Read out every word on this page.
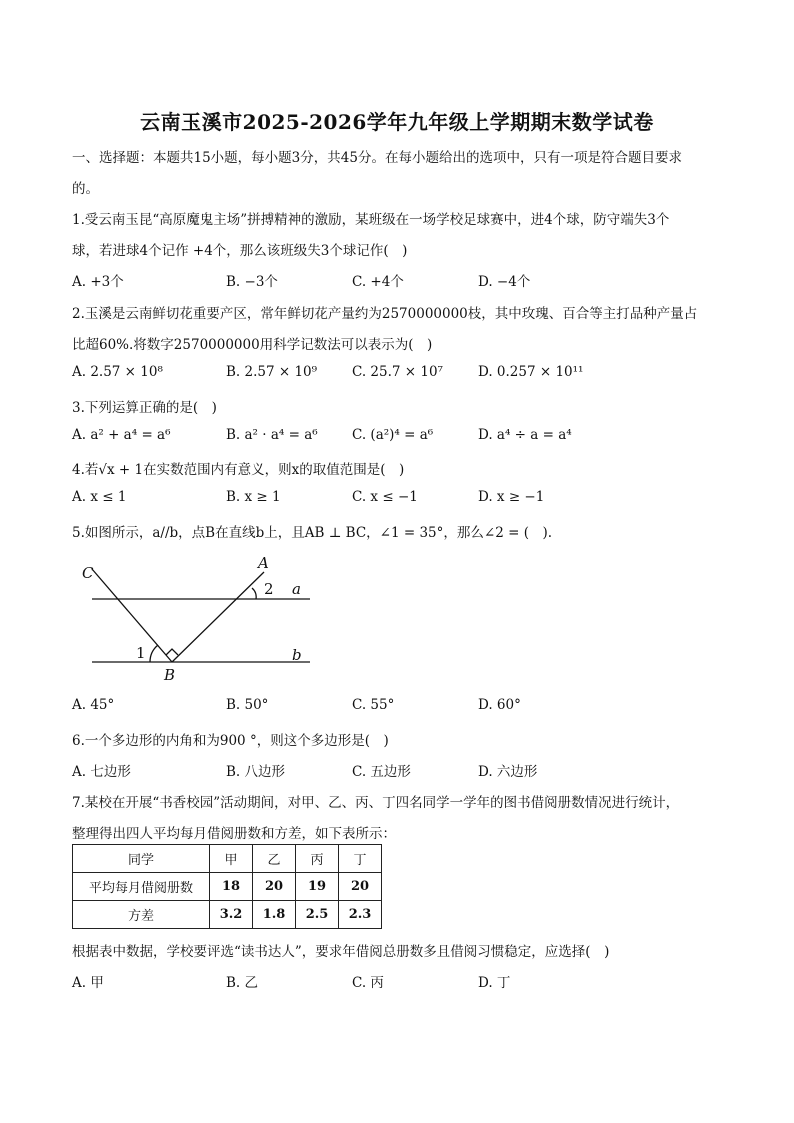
云南玉溪市2025-2026学年九年级上学期期末数学试卷
一、选择题：本题共15小题，每小题3分，共45分。在每小题给出的选项中，只有一项是符合题目要求
的。
1.受云南玉昆“高原魔鬼主场”拼搏精神的激励，某班级在一场学校足球赛中，进4个球，防守端失3个
球，若进球4个记作 +4个，那么该班级失3个球记作(　)
A. +3个	B. −3个	C. +4个	D. −4个
2.玉溪是云南鲜切花重要产区，常年鲜切花产量约为2570000000枝，其中玫瑰、百合等主打品种产量占
比超60%.将数字2570000000用科学记数法可以表示为(　)
A. 2.57 × 10⁸	B. 2.57 × 10⁹	C. 25.7 × 10⁷	D. 0.257 × 10¹¹
3.下列运算正确的是(　)
A. a² + a⁴ = a⁶	B. a² · a⁴ = a⁶	C. (a²)⁴ = a⁶	D. a⁴ ÷ a = a⁴
4.若√x + 1在实数范围内有意义，则x的取值范围是(　)
A. x ≤ 1	B. x ≥ 1	C. x ≤ −1	D. x ≥ −1
5.如图所示，a//b，点B在直线b上，且AB ⊥ BC，∠1 = 35°，那么∠2 = (　).
C
A
a
B
b
2
1
A. 45°	B. 50°	C. 55°	D. 60°
6.一个多边形的内角和为900 °，则这个多边形是(　)
A. 七边形	B. 八边形	C. 五边形	D. 六边形
7.某校在开展“书香校园”活动期间，对甲、乙、丙、丁四名同学一学年的图书借阅册数情况进行统计，
整理得出四人平均每月借阅册数和方差，如下表所示：
同学	甲	乙	丙	丁
平均每月借阅册数	18	20	19	20
方差	3.2	1.8	2.5	2.3
根据表中数据，学校要评选“读书达人”，要求年借阅总册数多且借阅习惯稳定，应选择(　)
A. 甲	B. 乙	C. 丙	D. 丁
